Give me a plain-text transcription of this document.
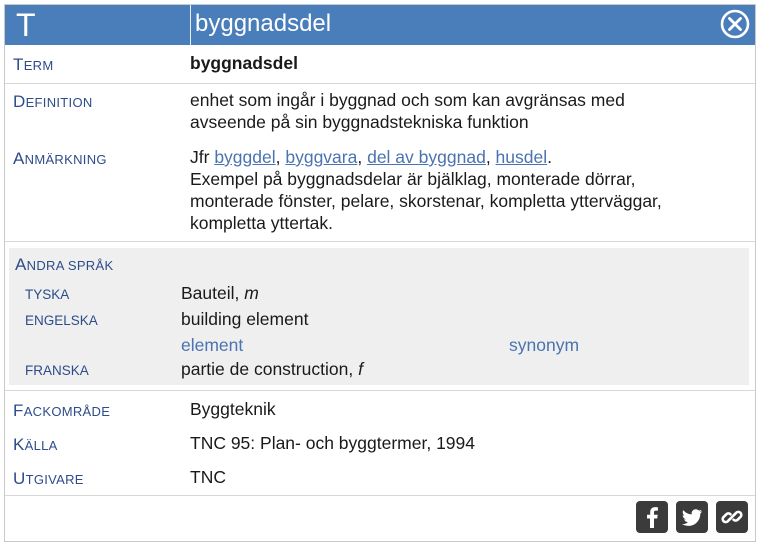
T	byggnadsdel
TERM	byggnadsdel
DEFINITION	enhet som ingår i byggnad och som kan avgränsas med
avseende på sin byggnadstekniska funktion
ANMÄRKNING	Jfr byggdel, byggvara, del av byggnad, husdel.
Exempel på byggnadsdelar är bjälklag, monterade dörrar,
monterade fönster, pelare, skorstenar, kompletta ytterväggar,
kompletta yttertak.
ANDRA SPRÅK
TYSKA	Bauteil, m
ENGELSKA	building element
element	synonym
FRANSKA	partie de construction, f
FACKOMRÅDE	Byggteknik
KÄLLA	TNC 95: Plan- och byggtermer, 1994
UTGIVARE	TNC
